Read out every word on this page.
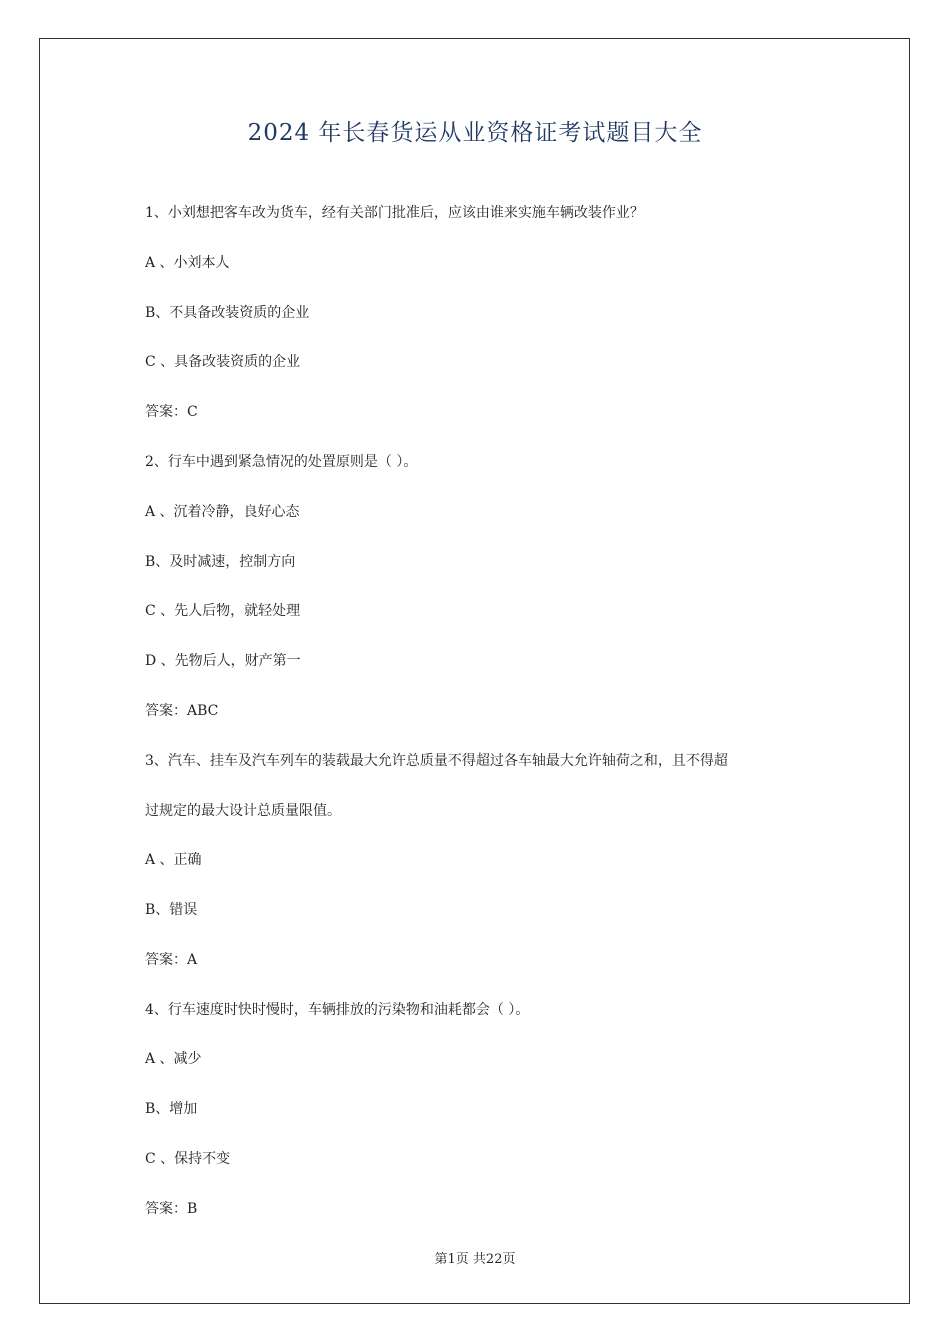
2024 年长春货运从业资格证考试题目大全

1、小刘想把客车改为货车，经有关部门批准后，应该由谁来实施车辆改装作业？

A 、小刘本人

B、不具备改装资质的企业

C 、具备改装资质的企业

答案：C

2、行车中遇到紧急情况的处置原则是（ ）。

A 、沉着冷静，良好心态

B、及时减速，控制方向

C 、先人后物，就轻处理

D 、先物后人，财产第一

答案：ABC

3、汽车、挂车及汽车列车的装载最大允许总质量不得超过各车轴最大允许轴荷之和，且不得超

过规定的最大设计总质量限值。

A 、正确

B、错误

答案：A

4、行车速度时快时慢时，车辆排放的污染物和油耗都会（ ）。

A 、减少

B、增加

C 、保持不变

答案：B

第1页 共22页
